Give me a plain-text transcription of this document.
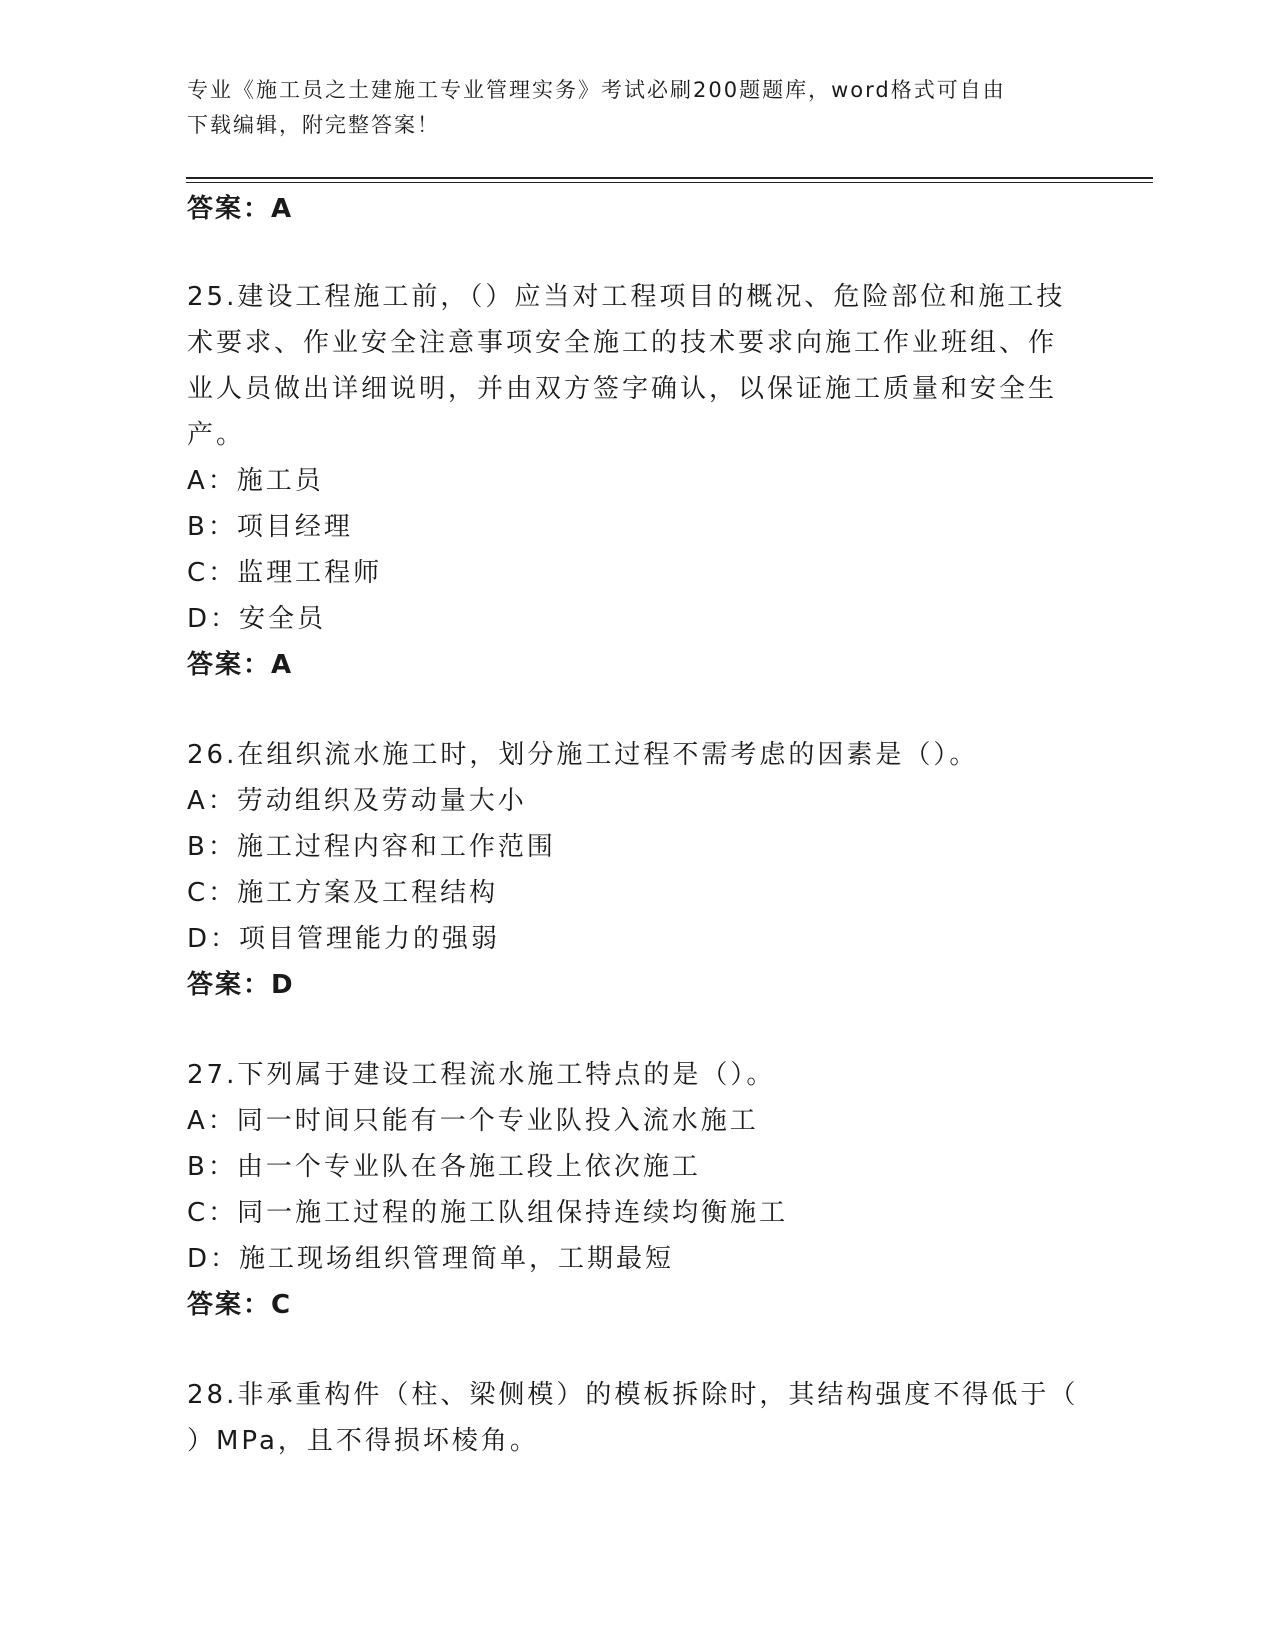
专业《施工员之土建施工专业管理实务》考试必刷200题题库，word格式可自由
下载编辑，附完整答案！
答案：A
25.建设工程施工前，（）应当对工程项目的概况、危险部位和施工技
术要求、作业安全注意事项安全施工的技术要求向施工作业班组、作
业人员做出详细说明，并由双方签字确认，以保证施工质量和安全生
产。
A：施工员
B：项目经理
C：监理工程师
D：安全员
答案：A
26.在组织流水施工时，划分施工过程不需考虑的因素是（）。
A：劳动组织及劳动量大小
B：施工过程内容和工作范围
C：施工方案及工程结构
D：项目管理能力的强弱
答案：D
27.下列属于建设工程流水施工特点的是（）。
A：同一时间只能有一个专业队投入流水施工
B：由一个专业队在各施工段上依次施工
C：同一施工过程的施工队组保持连续均衡施工
D：施工现场组织管理简单，工期最短
答案：C
28.非承重构件（柱、梁侧模）的模板拆除时，其结构强度不得低于（
）MPa，且不得损坏棱角。
